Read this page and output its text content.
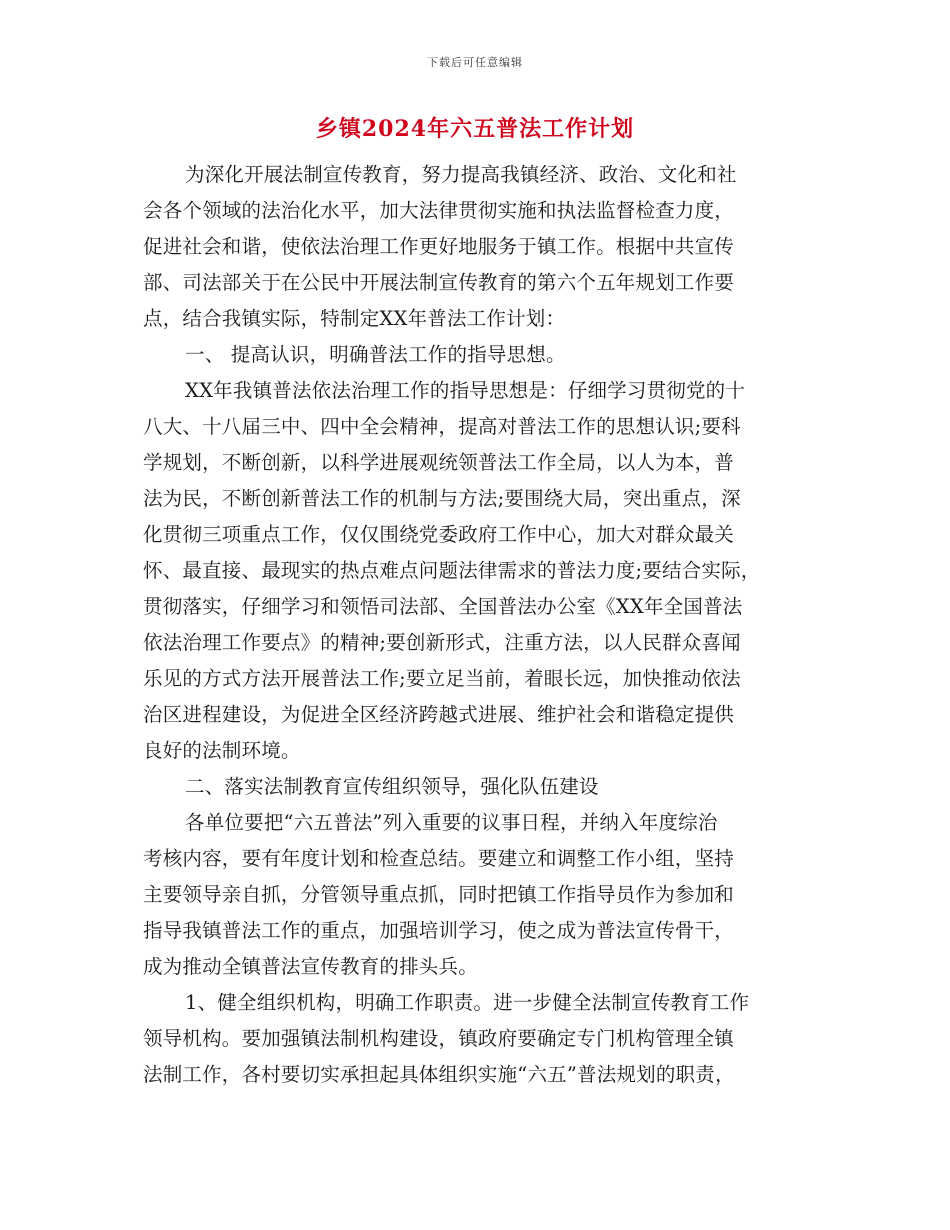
下载后可任意编辑
乡镇2024年六五普法工作计划
为深化开展法制宣传教育，努力提高我镇经济、政治、文化和社
会各个领域的法治化水平，加大法律贯彻实施和执法监督检查力度，
促进社会和谐，使依法治理工作更好地服务于镇工作。根据中共宣传
部、司法部关于在公民中开展法制宣传教育的第六个五年规划工作要
点，结合我镇实际，特制定XX年普法工作计划：
一、 提高认识，明确普法工作的指导思想。
XX年我镇普法依法治理工作的指导思想是：仔细学习贯彻党的十
八大、十八届三中、四中全会精神，提高对普法工作的思想认识;要科
学规划，不断创新，以科学进展观统领普法工作全局，以人为本，普
法为民，不断创新普法工作的机制与方法;要围绕大局，突出重点，深
化贯彻三项重点工作，仅仅围绕党委政府工作中心，加大对群众最关
怀、最直接、最现实的热点难点问题法律需求的普法力度;要结合实际，
贯彻落实，仔细学习和领悟司法部、全国普法办公室《XX年全国普法
依法治理工作要点》的精神;要创新形式，注重方法，以人民群众喜闻
乐见的方式方法开展普法工作;要立足当前，着眼长远，加快推动依法
治区进程建设，为促进全区经济跨越式进展、维护社会和谐稳定提供
良好的法制环境。
二、落实法制教育宣传组织领导，强化队伍建设
各单位要把“六五普法”列入重要的议事日程，并纳入年度综治
考核内容，要有年度计划和检查总结。要建立和调整工作小组，坚持
主要领导亲自抓，分管领导重点抓，同时把镇工作指导员作为参加和
指导我镇普法工作的重点，加强培训学习，使之成为普法宣传骨干，
成为推动全镇普法宣传教育的排头兵。
1、健全组织机构，明确工作职责。进一步健全法制宣传教育工作
领导机构。要加强镇法制机构建设，镇政府要确定专门机构管理全镇
法制工作，各村要切实承担起具体组织实施“六五”普法规划的职责，
